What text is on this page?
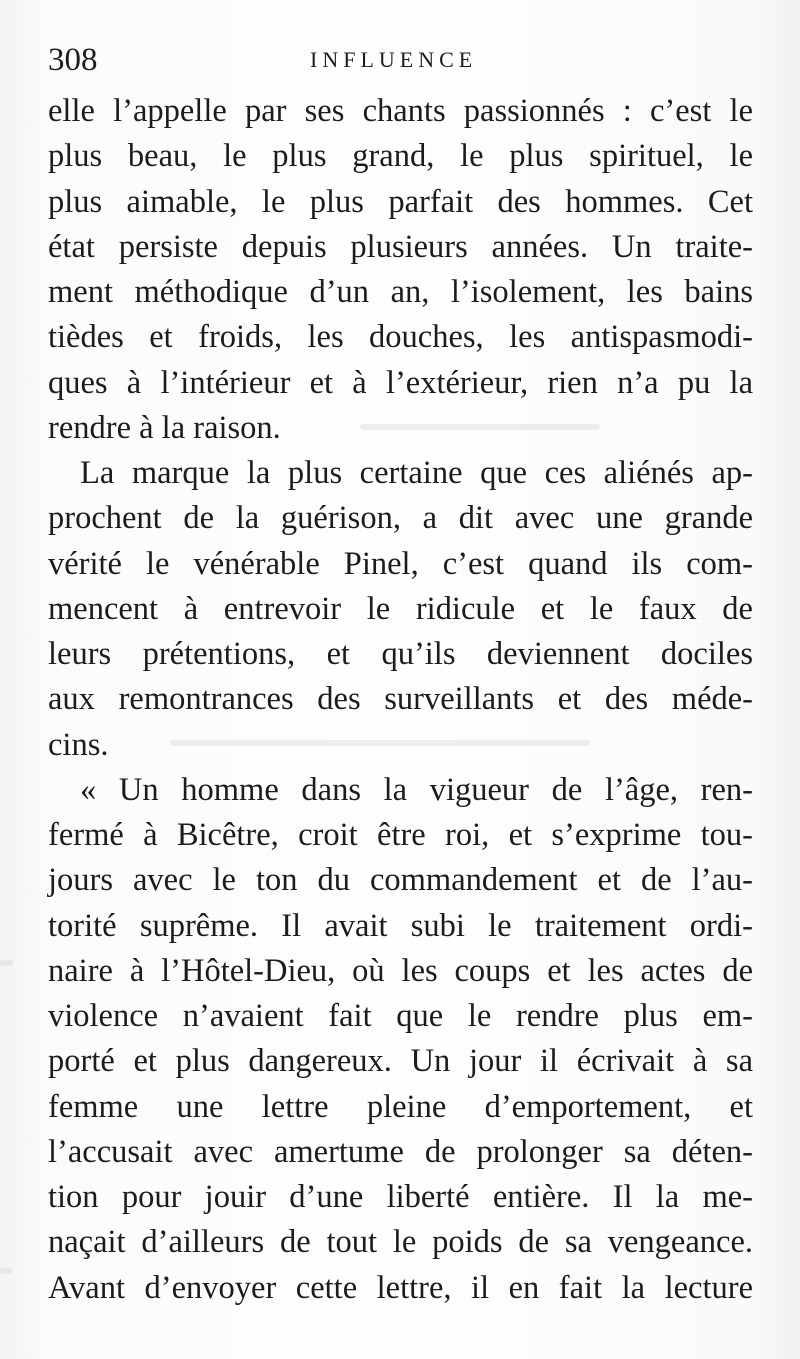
308	INFLUENCE
elle l’appelle par ses chants passionnés : c’est le
plus beau, le plus grand, le plus spirituel, le
plus aimable, le plus parfait des hommes. Cet
état persiste depuis plusieurs années. Un traite-
ment méthodique d’un an, l’isolement, les bains
tièdes et froids, les douches, les antispasmodi-
ques à l’intérieur et à l’extérieur, rien n’a pu la
rendre à la raison.
La marque la plus certaine que ces aliénés ap-
prochent de la guérison, a dit avec une grande
vérité le vénérable Pinel, c’est quand ils com-
mencent à entrevoir le ridicule et le faux de
leurs prétentions, et qu’ils deviennent dociles
aux remontrances des surveillants et des méde-
cins.
« Un homme dans la vigueur de l’âge, ren-
fermé à Bicêtre, croit être roi, et s’exprime tou-
jours avec le ton du commandement et de l’au-
torité suprême. Il avait subi le traitement ordi-
naire à l’Hôtel-Dieu, où les coups et les actes de
violence n’avaient fait que le rendre plus em-
porté et plus dangereux. Un jour il écrivait à sa
femme une lettre pleine d’emportement, et
l’accusait avec amertume de prolonger sa déten-
tion pour jouir d’une liberté entière. Il la me-
naçait d’ailleurs de tout le poids de sa vengeance.
Avant d’envoyer cette lettre, il en fait la lecture
